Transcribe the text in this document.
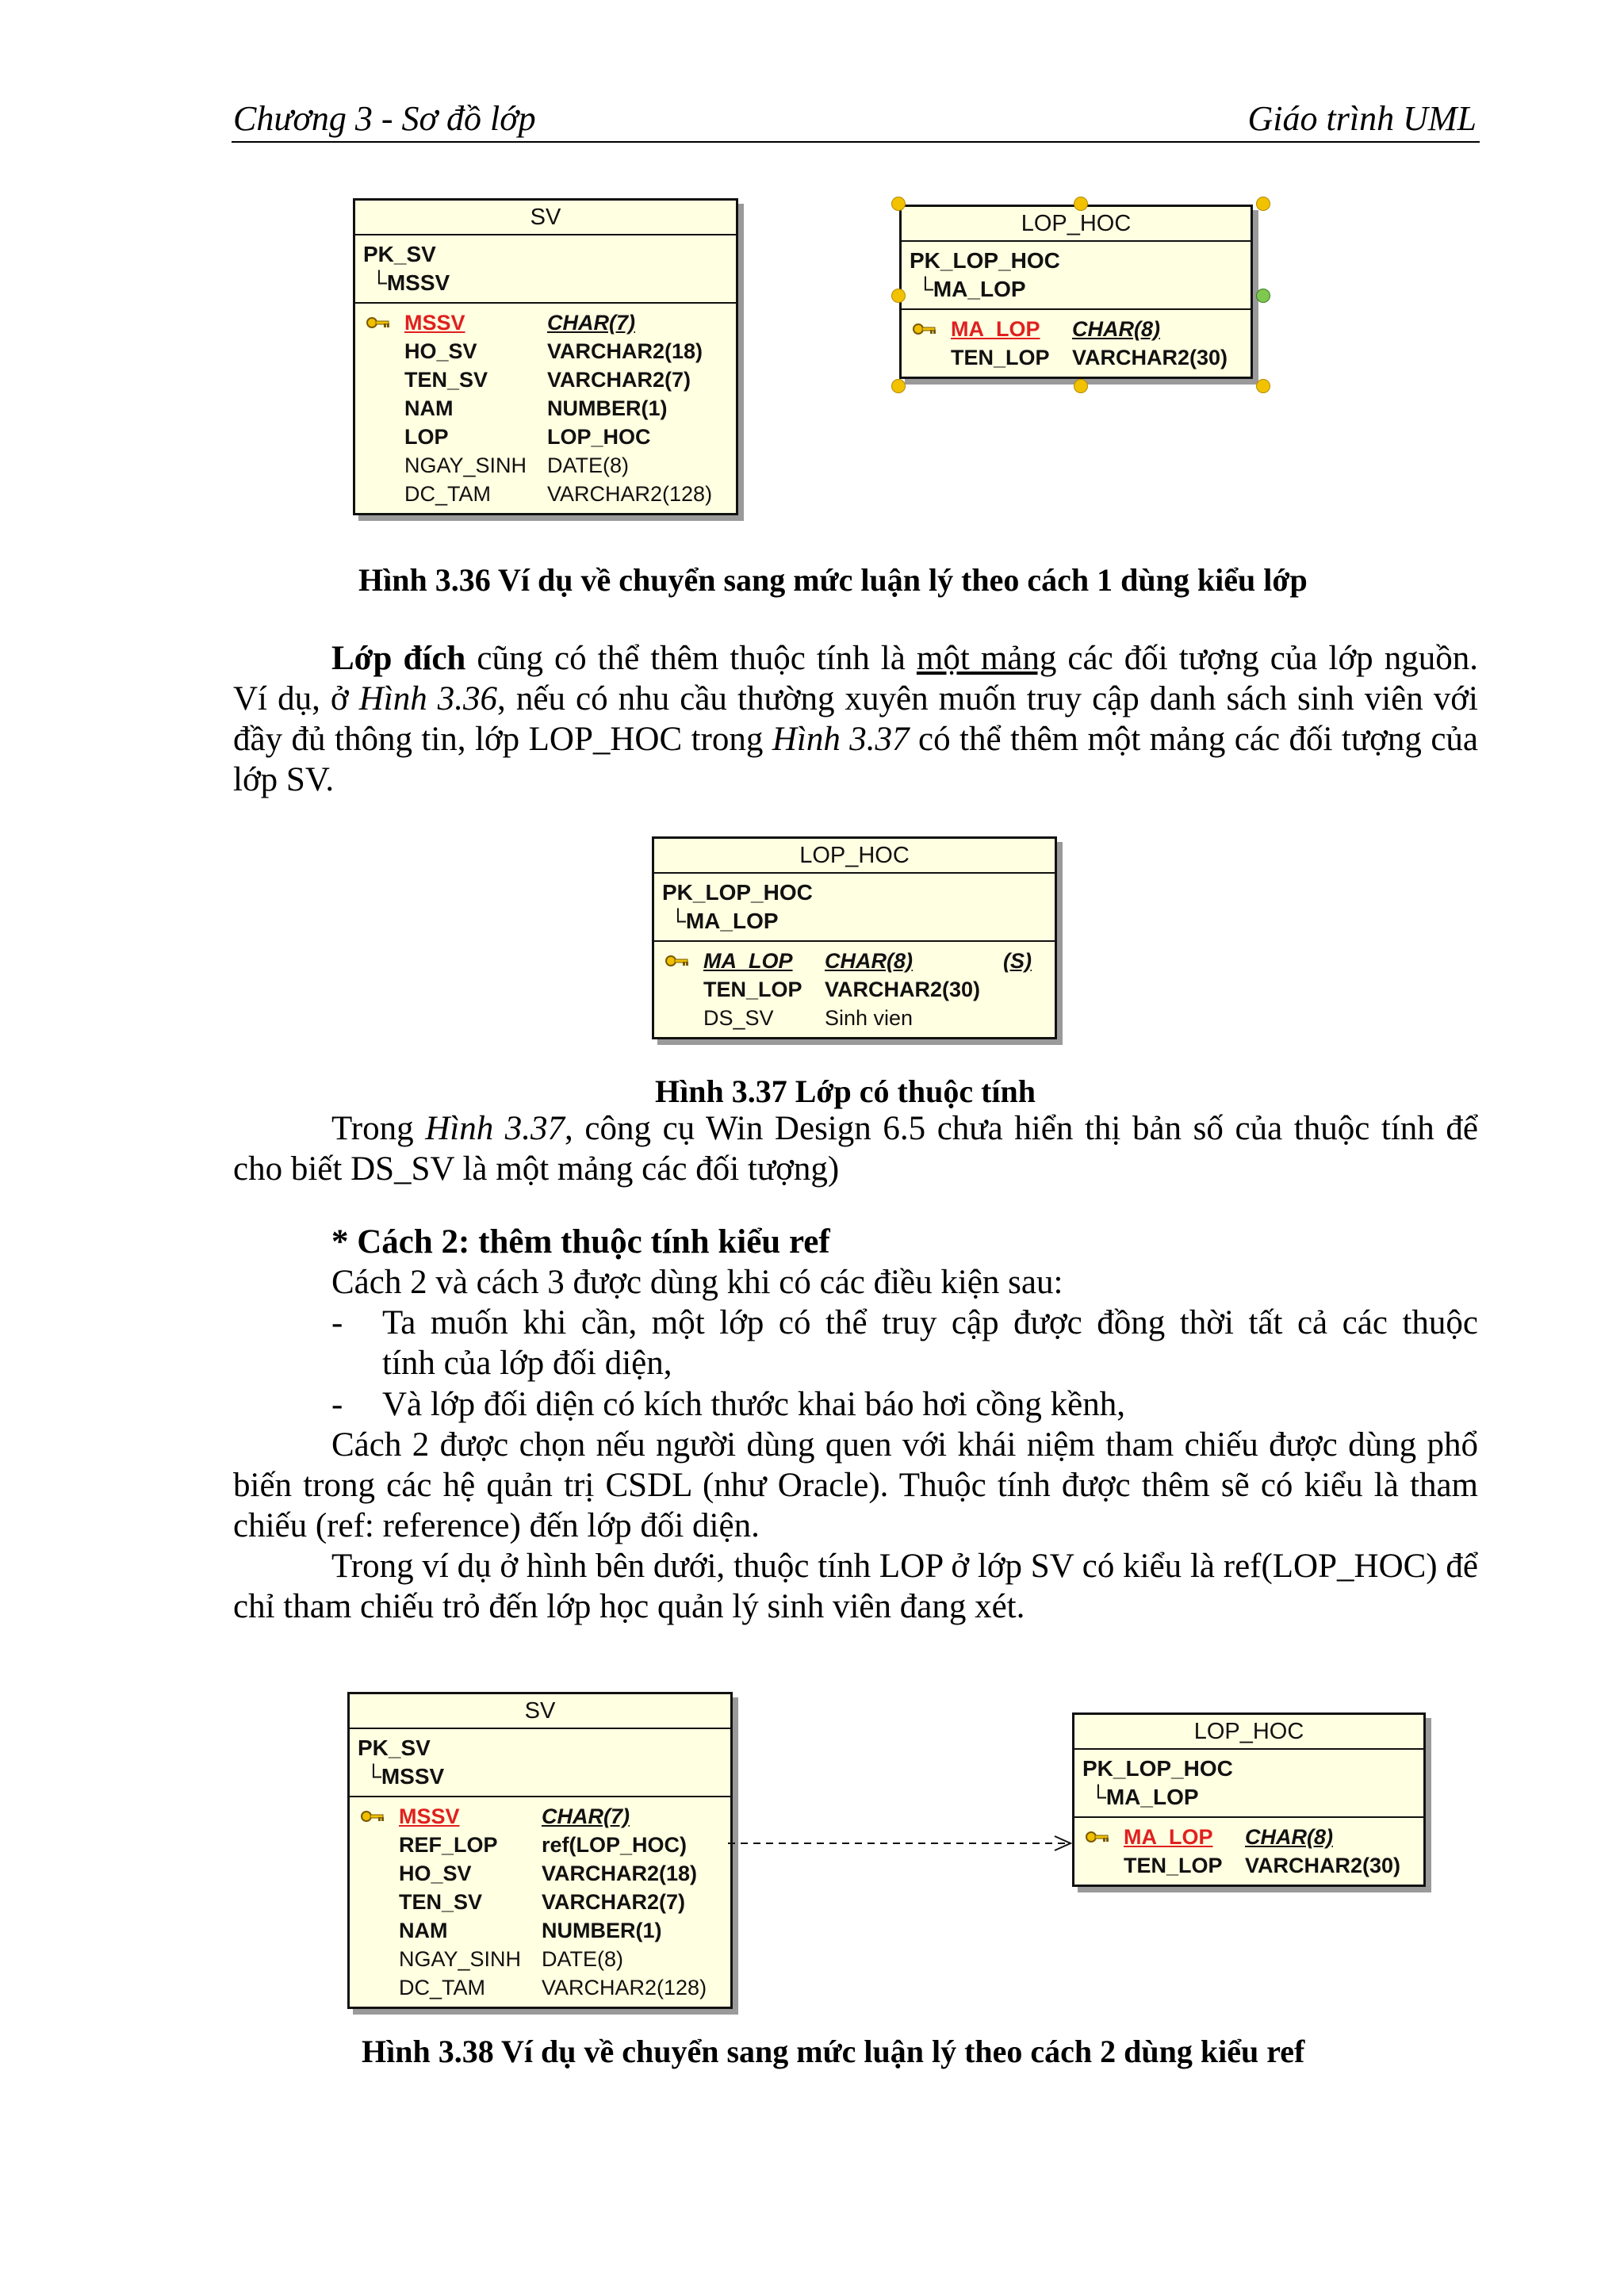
Chương 3 - Sơ đồ lớp	Giáo trình UML
SV
PK_SV
└MSSV
MSSV	CHAR(7)
HO_SV	VARCHAR2(18)
TEN_SV	VARCHAR2(7)
NAM	NUMBER(1)
LOP	LOP_HOC
NGAY_SINH DATE(8)
DC_TAM	VARCHAR2(128)
LOP_HOC
PK_LOP_HOC
└MA_LOP
MA_LOP CHAR(8)
TEN_LOP VARCHAR2(30)
Hình 3.36 Ví dụ về chuyển sang mức luận lý theo cách 1 dùng kiểu lớp
Lớp đích cũng có thể thêm thuộc tính là một mảng các đối tượng của lớp nguồn. Ví dụ, ở Hình 3.36, nếu có nhu cầu thường xuyên muốn truy cập danh sách sinh viên với đầy đủ thông tin, lớp LOP_HOC trong Hình 3.37 có thể thêm một mảng các đối tượng của lớp SV.
LOP_HOC
PK_LOP_HOC
└MA_LOP
MA_LOP CHAR(8)	(S)
TEN_LOP VARCHAR2(30)
DS_SV Sinh vien
Hình 3.37 Lớp có thuộc tính
Trong Hình 3.37, công cụ Win Design 6.5 chưa hiển thị bản số của thuộc tính để
cho biết DS_SV là một mảng các đối tượng)
* Cách 2: thêm thuộc tính kiểu ref
Cách 2 và cách 3 được dùng khi có các điều kiện sau:
- Ta muốn khi cần, một lớp có thể truy cập được đồng thời tất cả các thuộc
tính của lớp đối diện,
- Và lớp đối diện có kích thước khai báo hơi cồng kềnh,
Cách 2 được chọn nếu người dùng quen với khái niệm tham chiếu được dùng phổ biến trong các hệ quản trị CSDL (như Oracle). Thuộc tính được thêm sẽ có kiểu là tham chiếu (ref: reference) đến lớp đối diện.
Trong ví dụ ở hình bên dưới, thuộc tính LOP ở lớp SV có kiểu là ref(LOP_HOC) để chỉ tham chiếu trỏ đến lớp học quản lý sinh viên đang xét.
SV
PK_SV
└MSSV
MSSV	CHAR(7)
REF_LOP ref(LOP_HOC)
HO_SV	VARCHAR2(18)
TEN_SV	VARCHAR2(7)
NAM	NUMBER(1)
NGAY_SINH DATE(8)
DC_TAM	VARCHAR2(128)
LOP_HOC
PK_LOP_HOC
└MA_LOP
MA_LOP CHAR(8)
TEN_LOP VARCHAR2(30)
Hình 3.38 Ví dụ về chuyển sang mức luận lý theo cách 2 dùng kiểu ref
